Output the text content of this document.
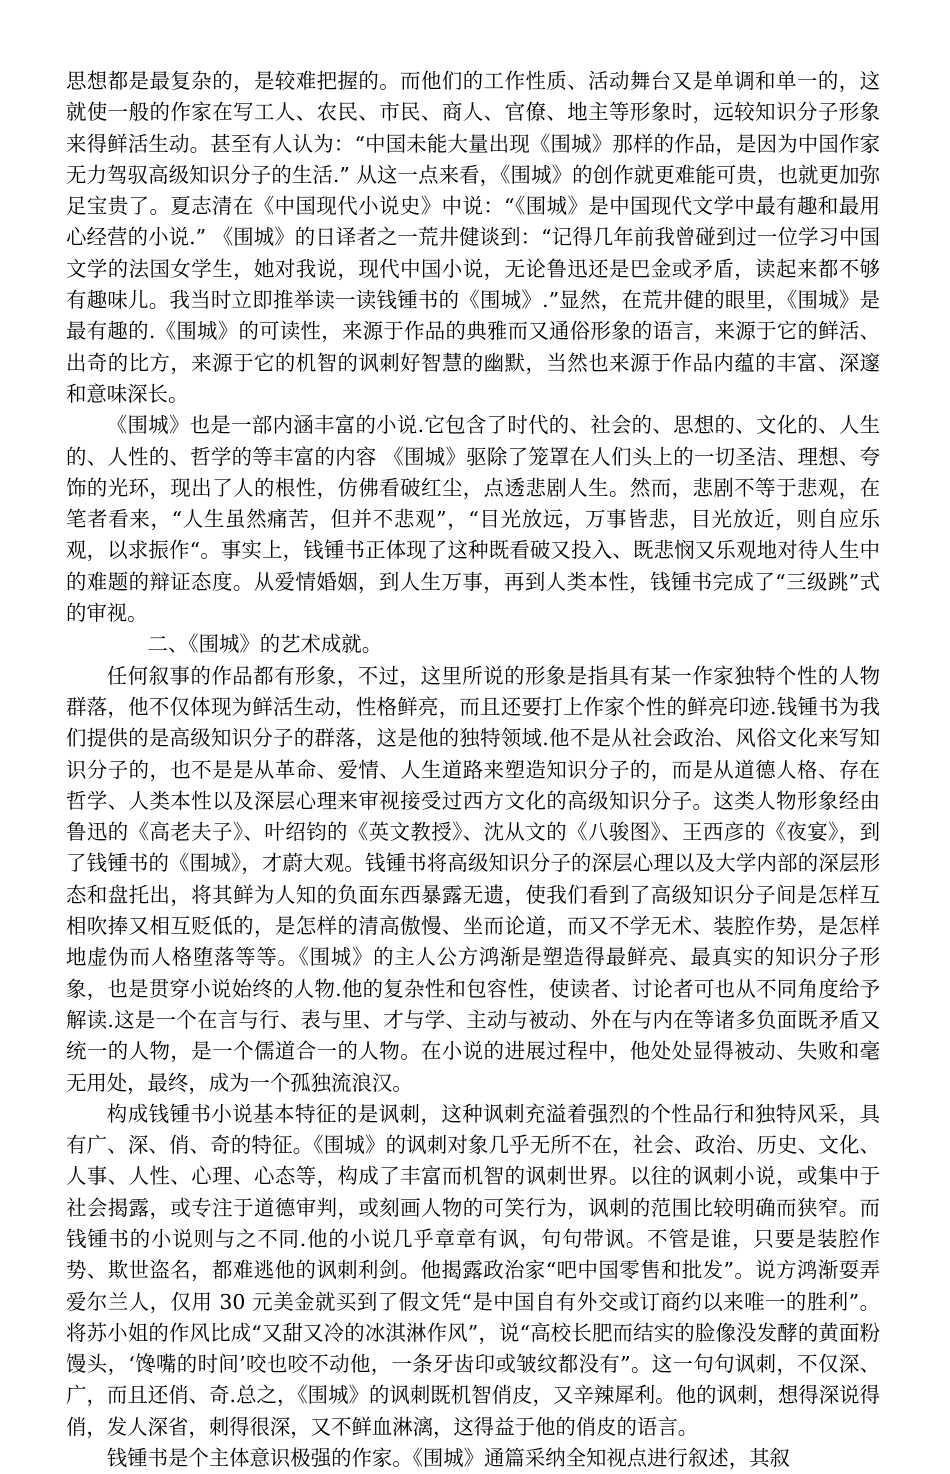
思想都是最复杂的，是较难把握的。而他们的工作性质、活动舞台又是单调和单一的，这就使一般的作家在写工人、农民、市民、商人、官僚、地主等形象时，远较知识分子形象来得鲜活生动。甚至有人认为：“中国未能大量出现《围城》那样的作品，是因为中国作家无力驾驭高级知识分子的生活.” 从这一点来看，《围城》的创作就更难能可贵，也就更加弥足宝贵了。夏志清在《中国现代小说史》中说：“《围城》是中国现代文学中最有趣和最用心经营的小说.” 《围城》的日译者之一荒井健谈到：“记得几年前我曾碰到过一位学习中国文学的法国女学生，她对我说，现代中国小说，无论鲁迅还是巴金或矛盾，读起来都不够有趣味儿。我当时立即推举读一读钱锺书的《围城》.”显然，在荒井健的眼里，《围城》是最有趣的.《围城》的可读性，来源于作品的典雅而又通俗形象的语言，来源于它的鲜活、出奇的比方，来源于它的机智的讽刺好智慧的幽默，当然也来源于作品内蕴的丰富、深邃和意味深长。

《围城》也是一部内涵丰富的小说.它包含了时代的、社会的、思想的、文化的、人生的、人性的、哲学的等丰富的内容 《围城》驱除了笼罩在人们头上的一切圣洁、理想、夸饰的光环，现出了人的根性，仿佛看破红尘，点透悲剧人生。然而，悲剧不等于悲观，在笔者看来，“人生虽然痛苦，但并不悲观”，“目光放远，万事皆悲，目光放近，则自应乐观，以求振作“。事实上，钱锺书正体现了这种既看破又投入、既悲悯又乐观地对待人生中的难题的辩证态度。从爱情婚姻，到人生万事，再到人类本性，钱锺书完成了“三级跳”式的审视。

二、《围城》的艺术成就。

任何叙事的作品都有形象，不过，这里所说的形象是指具有某一作家独特个性的人物群落，他不仅体现为鲜活生动，性格鲜亮，而且还要打上作家个性的鲜亮印迹.钱锺书为我们提供的是高级知识分子的群落，这是他的独特领域.他不是从社会政治、风俗文化来写知识分子的，也不是是从革命、爱情、人生道路来塑造知识分子的，而是从道德人格、存在哲学、人类本性以及深层心理来审视接受过西方文化的高级知识分子。这类人物形象经由鲁迅的《高老夫子》、叶绍钧的《英文教授》、沈从文的《八骏图》、王西彦的《夜宴》，到了钱锺书的《围城》，才蔚大观。钱锺书将高级知识分子的深层心理以及大学内部的深层形态和盘托出，将其鲜为人知的负面东西暴露无遗，使我们看到了高级知识分子间是怎样互相吹捧又相互贬低的，是怎样的清高傲慢、坐而论道，而又不学无术、装腔作势，是怎样地虚伪而人格堕落等等。《围城》的主人公方鸿渐是塑造得最鲜亮、最真实的知识分子形象，也是贯穿小说始终的人物.他的复杂性和包容性，使读者、讨论者可也从不同角度给予解读.这是一个在言与行、表与里、才与学、主动与被动、外在与内在等诸多负面既矛盾又统一的人物，是一个儒道合一的人物。在小说的进展过程中，他处处显得被动、失败和毫无用处，最终，成为一个孤独流浪汉。

构成钱锺书小说基本特征的是讽刺，这种讽刺充溢着强烈的个性品行和独特风采，具有广、深、俏、奇的特征。《围城》的讽刺对象几乎无所不在，社会、政治、历史、文化、人事、人性、心理、心态等，构成了丰富而机智的讽刺世界。以往的讽刺小说，或集中于社会揭露，或专注于道德审判，或刻画人物的可笑行为，讽刺的范围比较明确而狭窄。而钱锺书的小说则与之不同.他的小说几乎章章有讽，句句带讽。不管是谁，只要是装腔作势、欺世盗名，都难逃他的讽刺利剑。他揭露政治家“吧中国零售和批发”。说方鸿渐耍弄爱尔兰人，仅用 30 元美金就买到了假文凭“是中国自有外交或订商约以来唯一的胜利”。将苏小姐的作风比成“又甜又冷的冰淇淋作风”，说“高校长肥而结实的脸像没发酵的黄面粉馒头，‘馋嘴的时间’咬也咬不动他，一条牙齿印或皱纹都没有”。这一句句讽刺，不仅深、广，而且还俏、奇.总之，《围城》的讽刺既机智俏皮，又辛辣犀利。他的讽刺，想得深说得俏，发人深省，刺得很深，又不鲜血淋漓，这得益于他的俏皮的语言。

钱锺书是个主体意识极强的作家。《围城》通篇采纳全知视点进行叙述，其叙
